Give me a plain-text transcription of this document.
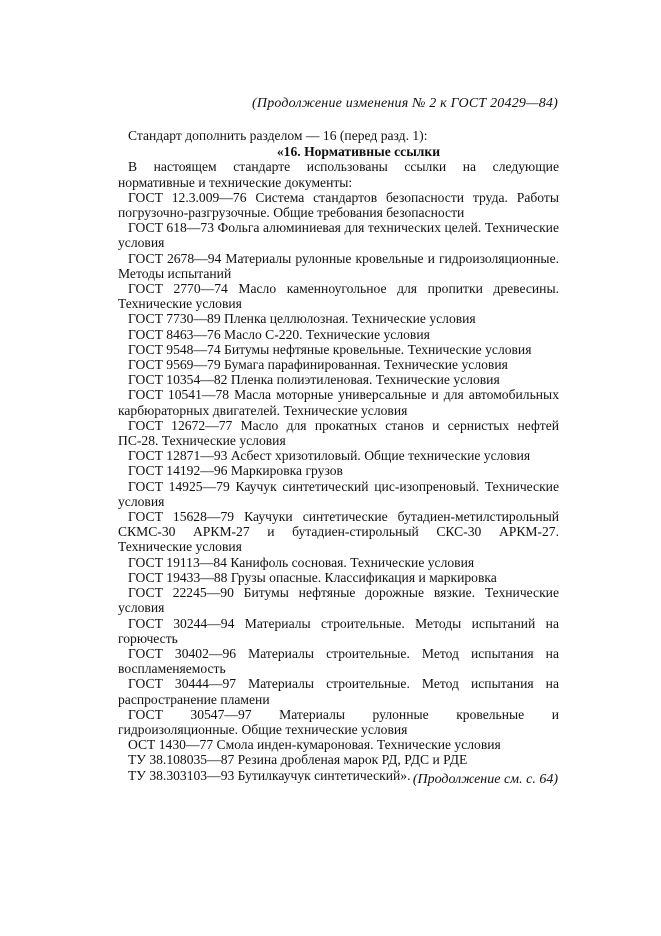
(Продолжение изменения № 2 к ГОСТ 20429—84)

Стандарт дополнить разделом — 16 (перед разд. 1):

«16. Нормативные ссылки

В настоящем стандарте использованы ссылки на следующие нормативные и технические документы:

ГОСТ 12.3.009—76 Система стандартов безопасности труда. Работы погрузочно-разгрузочные. Общие требования безопасности

ГОСТ 618—73 Фольга алюминиевая для технических целей. Технические условия

ГОСТ 2678—94 Материалы рулонные кровельные и гидроизоляционные. Методы испытаний

ГОСТ 2770—74 Масло каменноугольное для пропитки древесины. Технические условия

ГОСТ 7730—89 Пленка целлюлозная. Технические условия

ГОСТ 8463—76 Масло С-220. Технические условия

ГОСТ 9548—74 Битумы нефтяные кровельные. Технические условия

ГОСТ 9569—79 Бумага парафинированная. Технические условия

ГОСТ 10354—82 Пленка полиэтиленовая. Технические условия

ГОСТ 10541—78 Масла моторные универсальные и для автомобильных карбюраторных двигателей. Технические условия

ГОСТ 12672—77 Масло для прокатных станов и сернистых нефтей ПС-28. Технические условия

ГОСТ 12871—93 Асбест хризотиловый. Общие технические условия

ГОСТ 14192—96 Маркировка грузов

ГОСТ 14925—79 Каучук синтетический цис-изопреновый. Технические условия

ГОСТ 15628—79 Каучуки синтетические бутадиен-метилстирольный СКМС-30 АРКМ-27 и бутадиен-стирольный СКС-30 АРКМ-27. Технические условия

ГОСТ 19113—84 Канифоль сосновая. Технические условия

ГОСТ 19433—88 Грузы опасные. Классификация и маркировка

ГОСТ 22245—90 Битумы нефтяные дорожные вязкие. Технические условия

ГОСТ 30244—94 Материалы строительные. Методы испытаний на горючесть

ГОСТ 30402—96 Материалы строительные. Метод испытания на воспламеняемость

ГОСТ 30444—97 Материалы строительные. Метод испытания на распространение пламени

ГОСТ 30547—97 Материалы рулонные кровельные и гидроизоляционные. Общие технические условия

ОСТ 1430—77 Смола инден-кумароновая. Технические условия

ТУ 38.108035—87 Резина дробленая марок РД, РДС и РДЕ

ТУ 38.303103—93 Бутилкаучук синтетический». (Продолжение см. с. 64)
